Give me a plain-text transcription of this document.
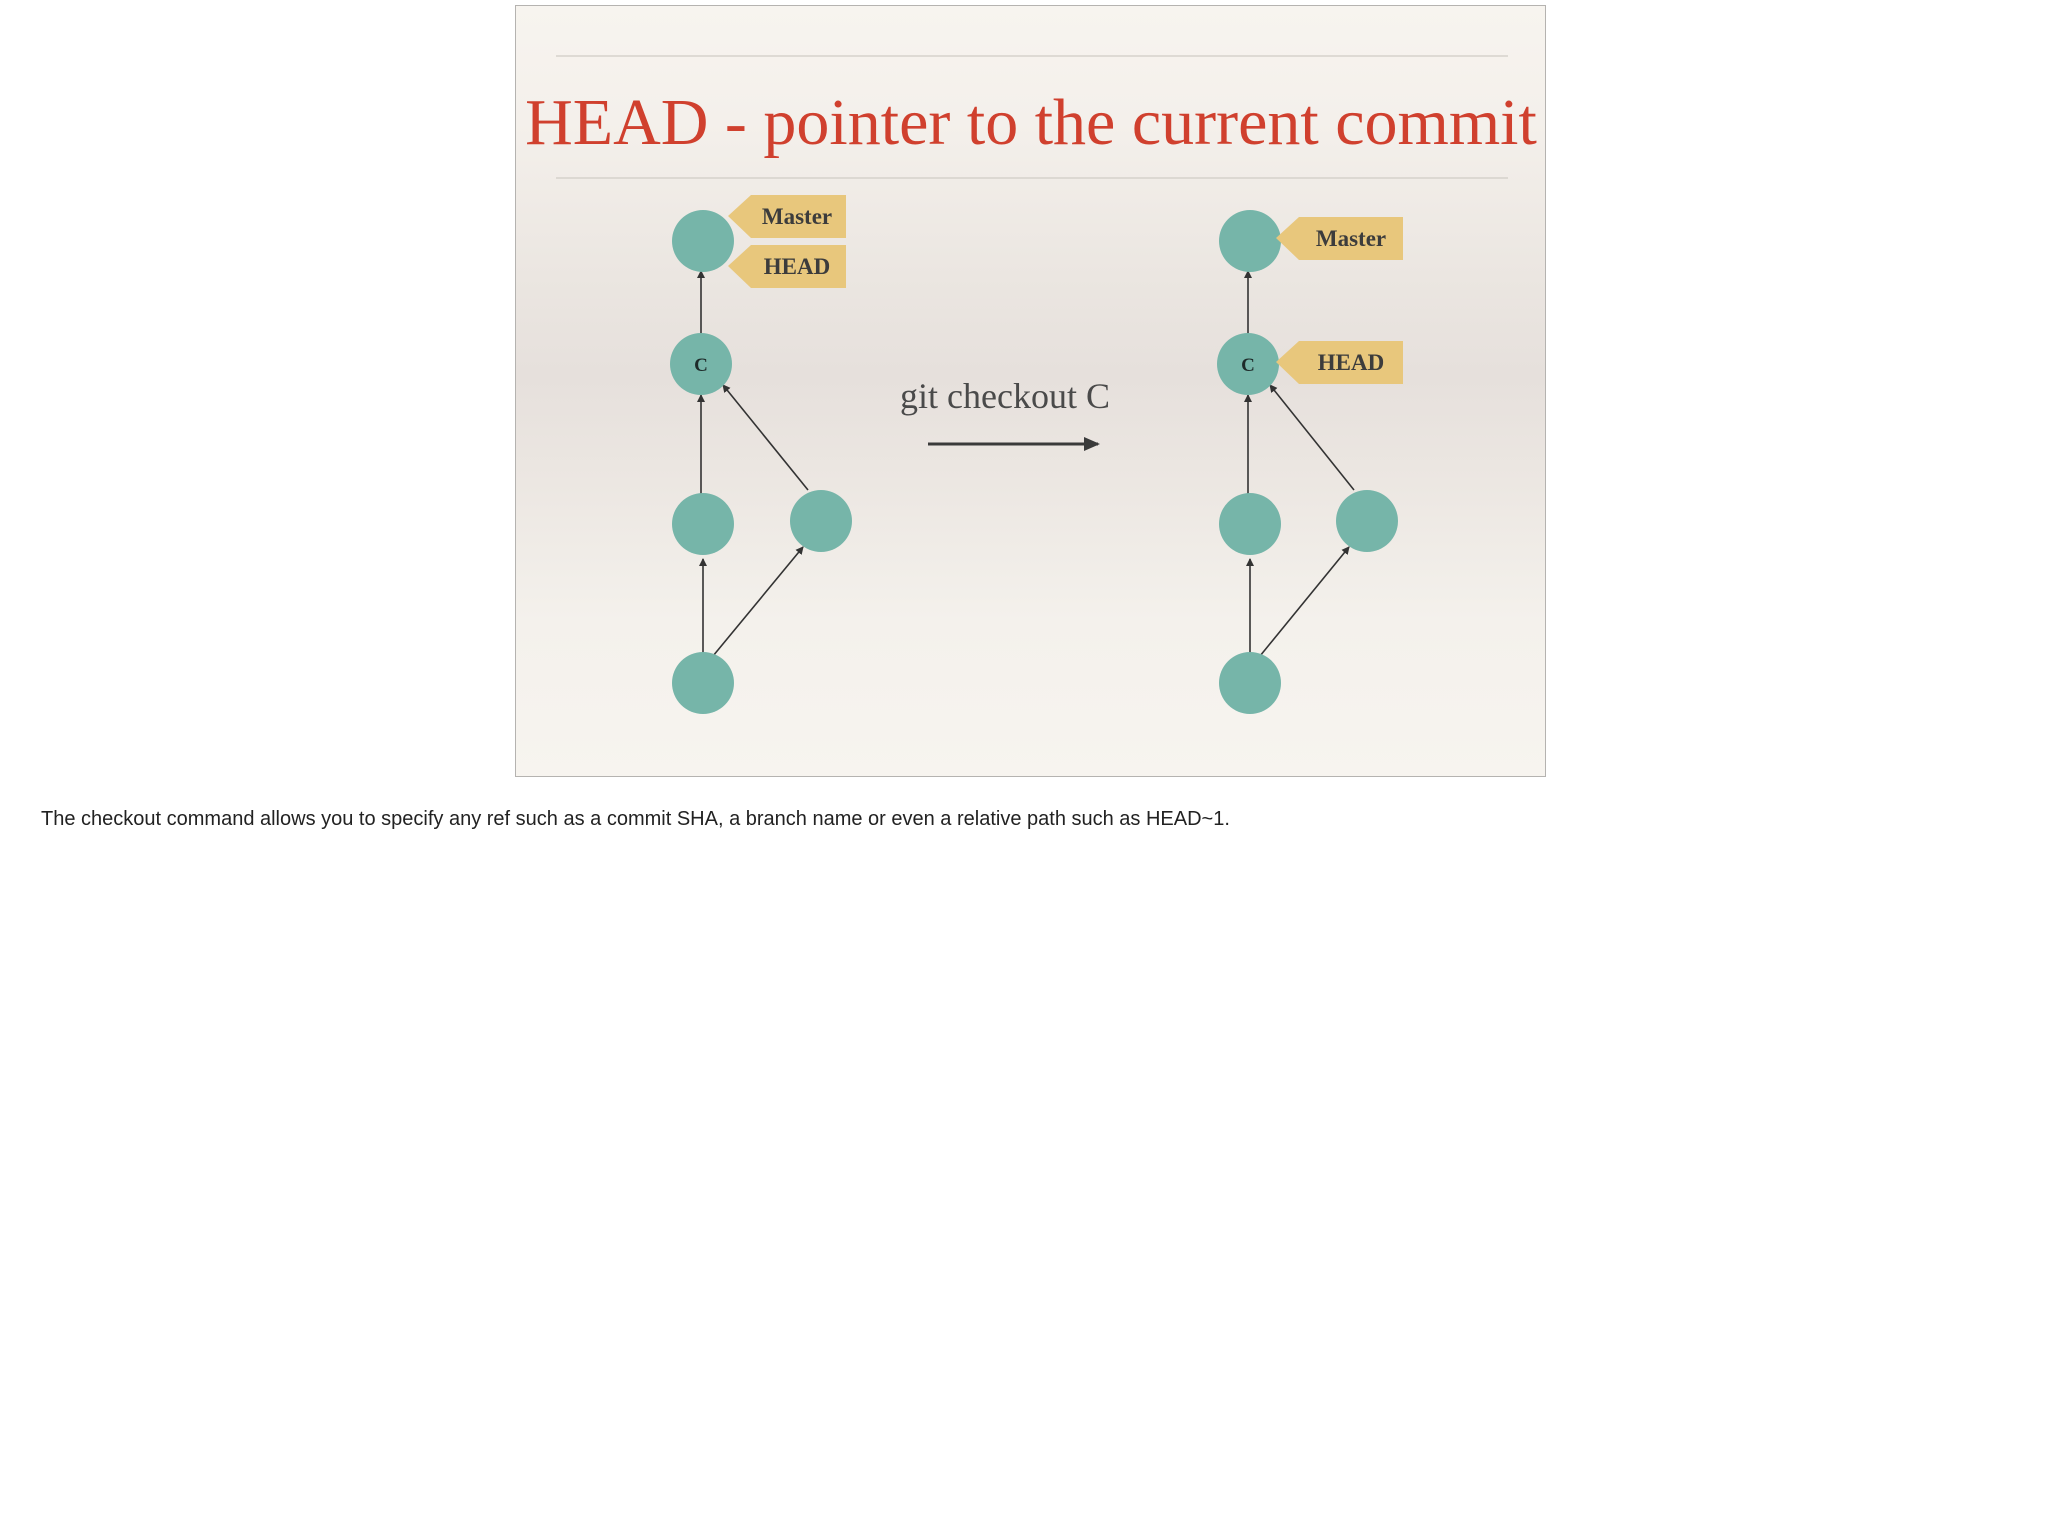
HEAD - pointer to the current commit
C
Master
HEAD
git checkout C
C
Master
HEAD
The checkout command allows you to specify any ref such as a commit SHA, a branch name or even a relative path such as HEAD~1.
